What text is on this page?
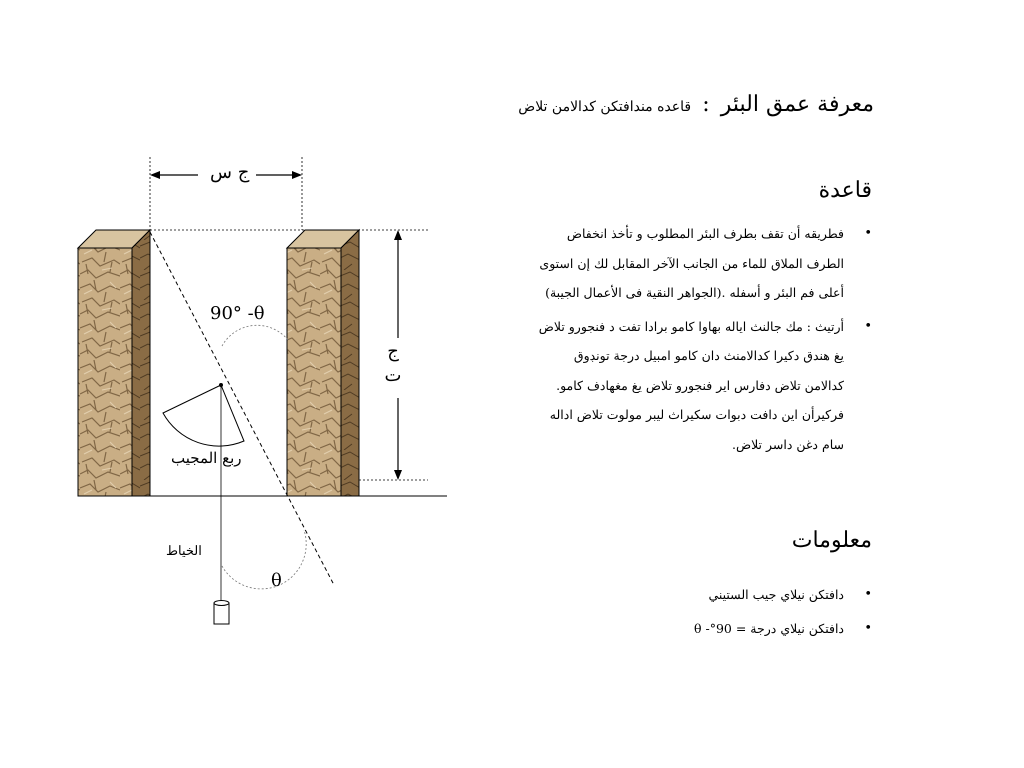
معرفة عمق البئر : قاعده مندافتكن كدالامن تلاض
قاعدة
•
فطريقه أن تقف بطرف البئر المطلوب و تأخذ انخفاض الطرف الملاق للماء من الجانب الآخر المقابل لك إن استوى أعلى فم البئر و أسفله .(الجواهر النقية فى الأعمال الجيبة)
•
أرتيث : مك جالنث اياله بهاوا كامو برادا تفت د فنجورو تلاض يغ هندق دكيرا كدالامنث دان كامو امبيل درجة تونڊوق كدالامن تلاض دفارس اير فنجورو تلاض يغ مغهادف كامو. فركيرأن اين دافت دبوات سكيراث ليبر مولوت تلاض اداله سام دغن داسر تلاض.
معلومات
•
دافتكن نيلاي جيب الستيني
•
دافتكن نيلاي درجة = θ -°90
ج س
90° -θ
ج
ت
ربع المجيب
الخياط
θ
